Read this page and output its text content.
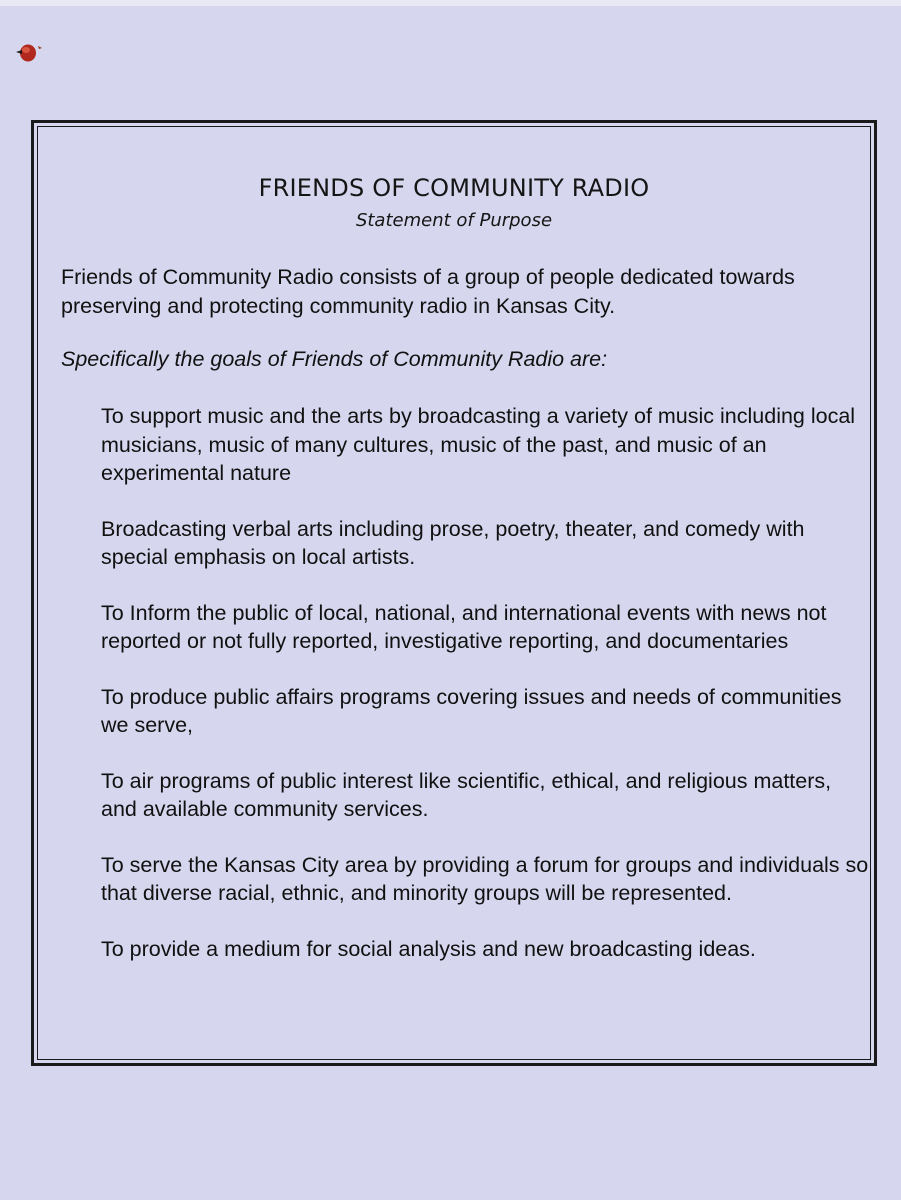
FRIENDS OF COMMUNITY RADIO
Statement of Purpose

Friends of Community Radio consists of a group of people dedicated towards preserving and protecting community radio in Kansas City.

Specifically the goals of Friends of Community Radio are:

To support music and the arts by broadcasting a variety of music including local musicians, music of many cultures, music of the past, and music of an experimental nature
Broadcasting verbal arts including prose, poetry, theater, and comedy with special emphasis on local artists.
To Inform the public of local, national, and international events with news not reported or not fully reported, investigative reporting, and documentaries
To produce public affairs programs covering issues and needs of communities we serve,
To air programs of public interest like scientific, ethical, and religious matters, and available community services.
To serve the Kansas City area by providing a forum for groups and individuals so that diverse racial, ethnic, and minority groups will be represented.
To provide a medium for social analysis and new broadcasting ideas.
